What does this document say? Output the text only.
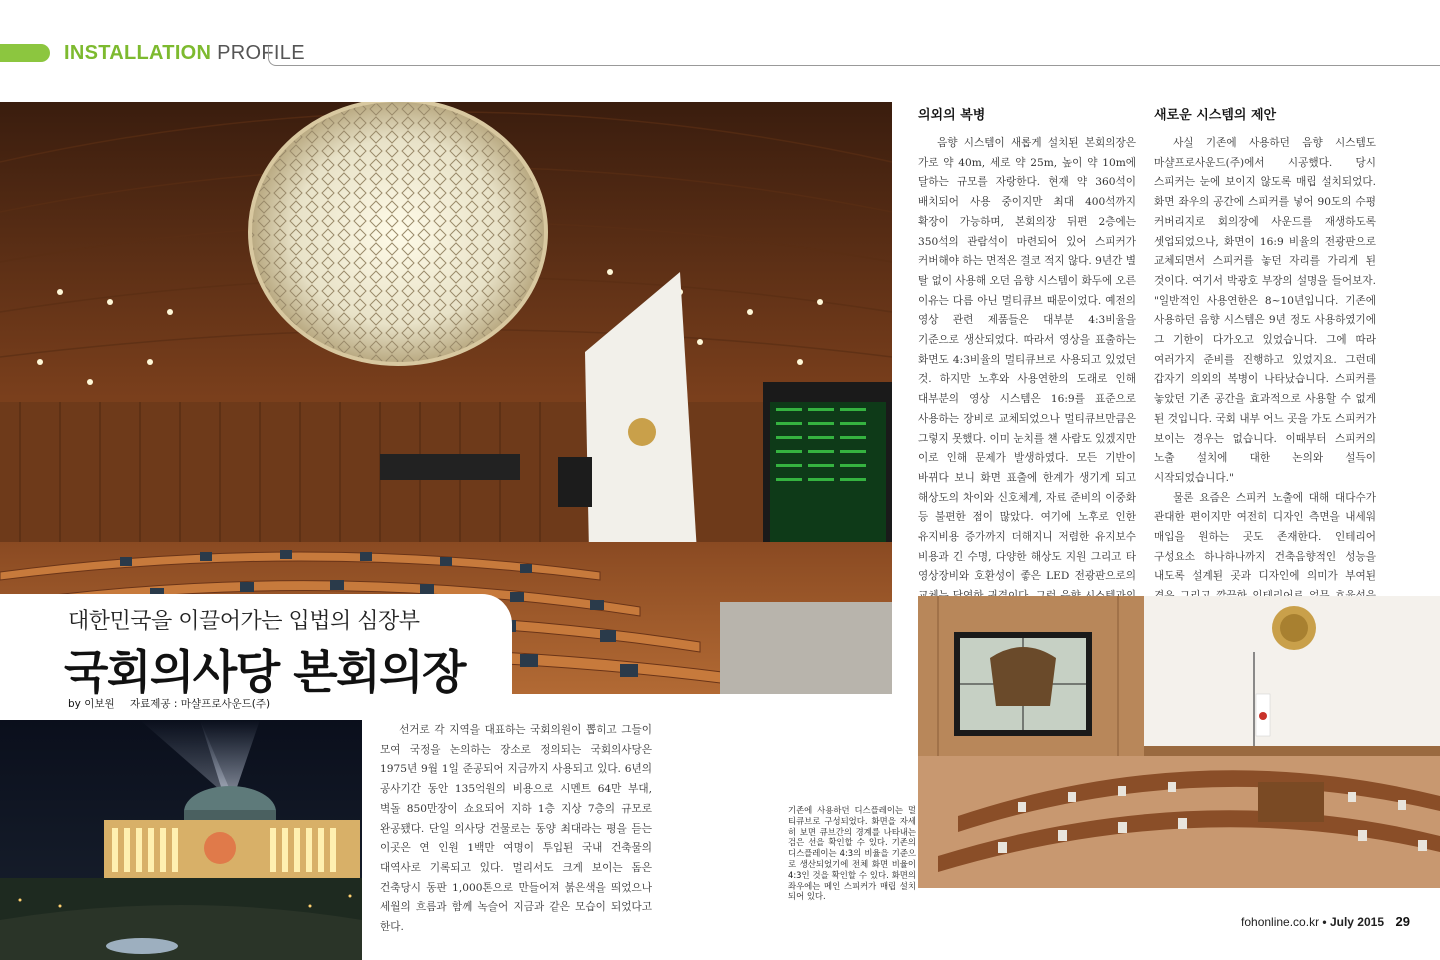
INSTALLATION PROFILE
대한민국을 이끌어가는 입법의 심장부
국회의사당 본회의장
by 이보원 자료제공 : 마샬프로사운드(주)

선거로 각 지역을 대표하는 국회의원이 뽑히고 그들이 모여 국정을 논의하는 장소로 정의되는 국회의사당은 1975년 9월 1일 준공되어 지금까지 사용되고 있다. 6년의 공사기간 동안 135억원의 비용으로 시멘트 64만 부대, 벽돌 850만장이 쇼요되어 지하 1층 지상 7층의 규모로 완공됐다. 단일 의사당 건물로는 동양 최대라는 평을 듣는 이곳은 연 인원 1백만 여명이 투입된 국내 건축물의 대역사로 기록되고 있다. 멀리서도 크게 보이는 돔은 건축당시 동판 1,000톤으로 만들어져 붉은색을 띄었으나 세월의 흐름과 함께 녹슬어 지금과 같은 모습이 되었다고 한다.

의외의 복병

음향 시스템이 새롭게 설치된 본회의장은 가로 약 40m, 세로 약 25m, 높이 약 10m에 달하는 규모를 자랑한다. 현재 약 360석이 배치되어 사용 중이지만 최대 400석까지 확장이 가능하며, 본회의장 뒤편 2층에는 350석의 관람석이 마련되어 있어 스피커가 커버해야 하는 면적은 결코 적지 않다. 9년간 별 탈 없이 사용해 오던 음향 시스템이 화두에 오른 이유는 다름 아닌 멀티큐브 때문이었다. 예전의 영상 관련 제품들은 대부분 4:3비율을 기준으로 생산되었다. 따라서 영상을 표출하는 화면도 4:3비율의 멀티큐브로 사용되고 있었던 것. 하지만 노후와 사용연한의 도래로 인해 대부분의 영상 시스템은 16:9를 표준으로 사용하는 장비로 교체되었으나 멀티큐브만큼은 그렇지 못했다. 이미 눈치를 챈 사람도 있겠지만 이로 인해 문제가 발생하였다. 모든 기반이 바뀌다 보니 화면 표출에 한계가 생기게 되고 해상도의 차이와 신호체계, 자료 준비의 이중화 등 불편한 점이 많았다. 여기에 노후로 인한 유지비용 증가까지 더해지니 저렴한 유지보수 비용과 긴 수명, 다양한 해상도 지원 그리고 타 영상장비와 호환성이 좋은 LED 전광판으로의

새로운 시스템의 제안

사실 기존에 사용하던 음향 시스템도 마샬프로사운드(주)에서 시공했다. 당시 스피커는 눈에 보이지 않도록 매립 설치되었다. 화면 좌우의 공간에 스피커를 넣어 90도의 수평 커버리지로 회의장에 사운드를 재생하도록 셋업되었으나, 화면이 16:9 비율의 전광판으로 교체되면서 스피커를 놓던 자리를 가리게 된 것이다. 여기서 박광호 부장의 설명을 들어보자. "일반적인 사용연한은 8~10년입니다. 기존에 사용하던 음향 시스템은 9년 정도 사용하였기에 그 기한이 다가오고 있었습니다. 그에 따라 여러가지 준비를 진행하고 있었지요. 그런데 갑자기 의외의 복병이 나타났습니다. 스피커를 놓았던 기존 공간을 효과적으로 사용할 수 없게 된 것입니다. 국회 내부 어느 곳을 가도 스피커가 보이는 경우는 없습니다. 이때부터 스피커의 노출 설치에 대한 논의와 설득이 시작되었습니다."

물론 요즘은 스피커 노출에 대해 대다수가 관대한 편이지만 여전히 디자인 측면을 내세워 매입을 원하는 곳도 존재한다. 인테리어 구성요소 하나하나까지 건축음향적인 성능을 내도록 설계된 곳과 디자인에 의미가 부여된

기존에 사용하던 디스플레이는 멀티큐브로 구성되었다. 화면을 자세히 보면 큐브간의 경계를 나타내는 검은 선을 확인할 수 있다. 기존의 디스플레이는 4:3의 비율을 기준으로 생산되었기에 전체 화면 비율이 4:3인 것을 확인할 수 있다. 화면의 좌우에는 메인 스피커가 매립 설치되어 있다.
fohonline.co.kr • July 2015 29
